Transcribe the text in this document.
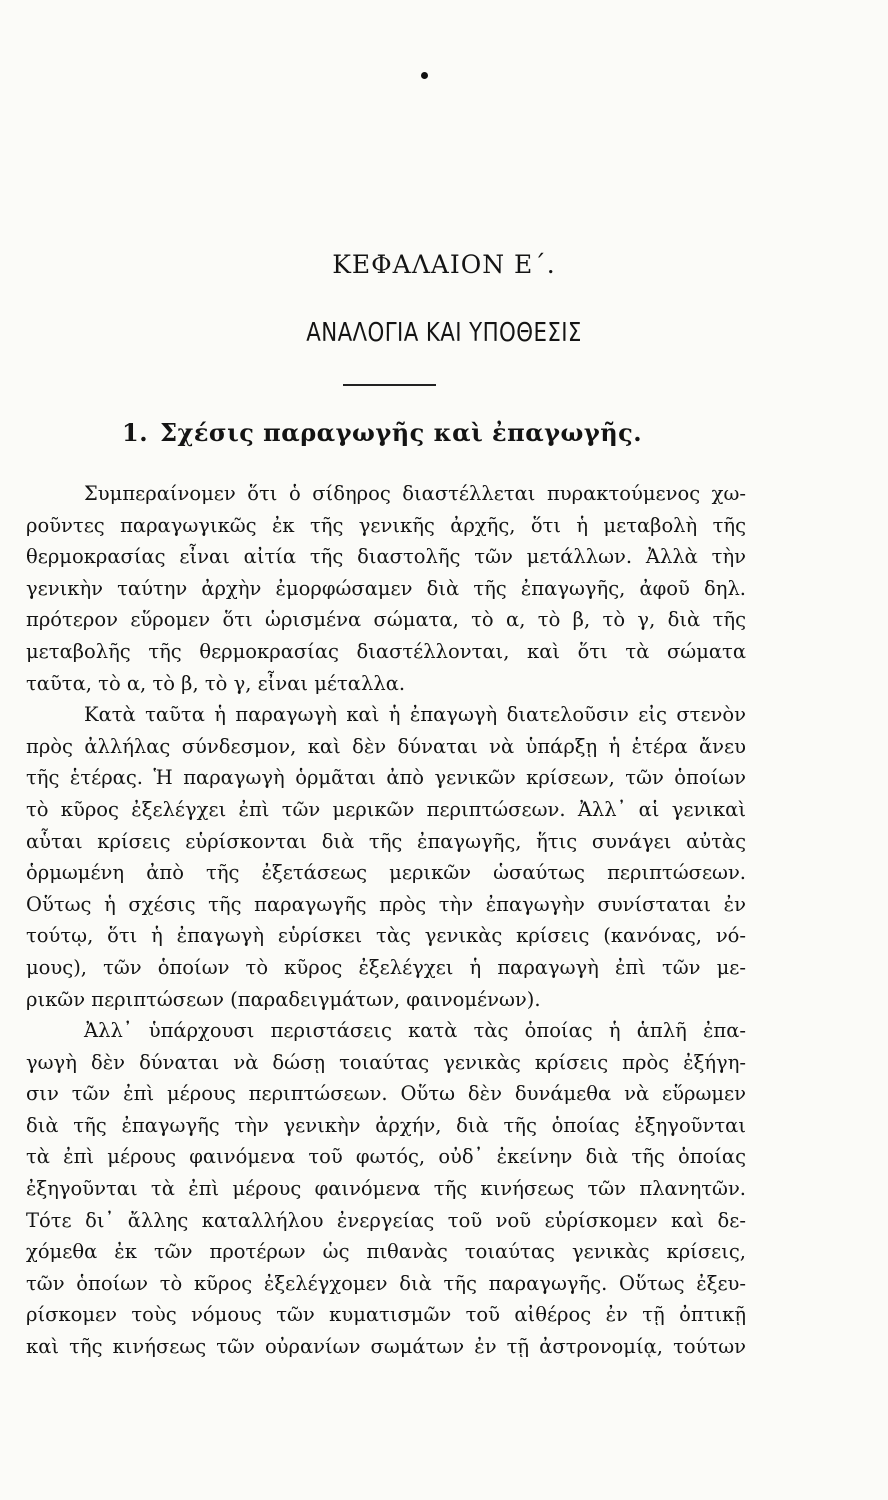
ΚΕΦΑΛΑΙΟΝ Ε΄.
ΑΝΑΛΟΓΙΑ ΚΑΙ ΥΠΟΘΕΣΙΣ
1. Σχέσις παραγωγῆς καὶ ἐπαγωγῆς.

Συμπεραίνομεν ὅτι ὁ σίδηρος διαστέλλεται πυρακτούμενος χω-
ροῦντες παραγωγικῶς ἐκ τῆς γενικῆς ἀρχῆς, ὅτι ἡ μεταβολὴ τῆς
θερμοκρασίας εἶναι αἰτία τῆς διαστολῆς τῶν μετάλλων. Ἀλλὰ τὴν
γενικὴν ταύτην ἀρχὴν ἐμορφώσαμεν διὰ τῆς ἐπαγωγῆς, ἀφοῦ δηλ.
πρότερον εὕρομεν ὅτι ὡρισμένα σώματα, τὸ α, τὸ β, τὸ γ, διὰ τῆς
μεταβολῆς τῆς θερμοκρασίας διαστέλλονται, καὶ ὅτι τὰ σώματα
ταῦτα, τὸ α, τὸ β, τὸ γ, εἶναι μέταλλα.

Κατὰ ταῦτα ἡ παραγωγὴ καὶ ἡ ἐπαγωγὴ διατελοῦσιν εἰς στενὸν
πρὸς ἀλλήλας σύνδεσμον, καὶ δὲν δύναται νὰ ὑπάρξῃ ἡ ἑτέρα ἄνευ
τῆς ἑτέρας. Ἡ παραγωγὴ ὁρμᾶται ἀπὸ γενικῶν κρίσεων, τῶν ὁποίων
τὸ κῦρος ἐξελέγχει ἐπὶ τῶν μερικῶν περιπτώσεων. Ἀλλ᾽ αἱ γενικαὶ
αὗται κρίσεις εὑρίσκονται διὰ τῆς ἐπαγωγῆς, ἥτις συνάγει αὐτὰς
ὁρμωμένη ἀπὸ τῆς ἐξετάσεως μερικῶν ὡσαύτως περιπτώσεων.
Οὕτως ἡ σχέσις τῆς παραγωγῆς πρὸς τὴν ἐπαγωγὴν συνίσταται ἐν
τούτῳ, ὅτι ἡ ἐπαγωγὴ εὑρίσκει τὰς γενικὰς κρίσεις (κανόνας, νό-
μους), τῶν ὁποίων τὸ κῦρος ἐξελέγχει ἡ παραγωγὴ ἐπὶ τῶν με-
ρικῶν περιπτώσεων (παραδειγμάτων, φαινομένων).

Ἀλλ᾽ ὑπάρχουσι περιστάσεις κατὰ τὰς ὁποίας ἡ ἁπλῆ ἐπα-
γωγὴ δὲν δύναται νὰ δώσῃ τοιαύτας γενικὰς κρίσεις πρὸς ἐξήγη-
σιν τῶν ἐπὶ μέρους περιπτώσεων. Οὕτω δὲν δυνάμεθα νὰ εὕρωμεν
διὰ τῆς ἐπαγωγῆς τὴν γενικὴν ἀρχήν, διὰ τῆς ὁποίας ἐξηγοῦνται
τὰ ἐπὶ μέρους φαινόμενα τοῦ φωτός, οὐδ᾽ ἐκείνην διὰ τῆς ὁποίας
ἐξηγοῦνται τὰ ἐπὶ μέρους φαινόμενα τῆς κινήσεως τῶν πλανητῶν.
Τότε δι᾽ ἄλλης καταλλήλου ἐνεργείας τοῦ νοῦ εὑρίσκομεν καὶ δε-
χόμεθα ἐκ τῶν προτέρων ὡς πιθανὰς τοιαύτας γενικὰς κρίσεις,
τῶν ὁποίων τὸ κῦρος ἐξελέγχομεν διὰ τῆς παραγωγῆς. Οὕτως ἐξευ-
ρίσκομεν τοὺς νόμους τῶν κυματισμῶν τοῦ αἰθέρος ἐν τῇ ὀπτικῇ
καὶ τῆς κινήσεως τῶν οὐρανίων σωμάτων ἐν τῇ ἀστρονομίᾳ, τούτων
